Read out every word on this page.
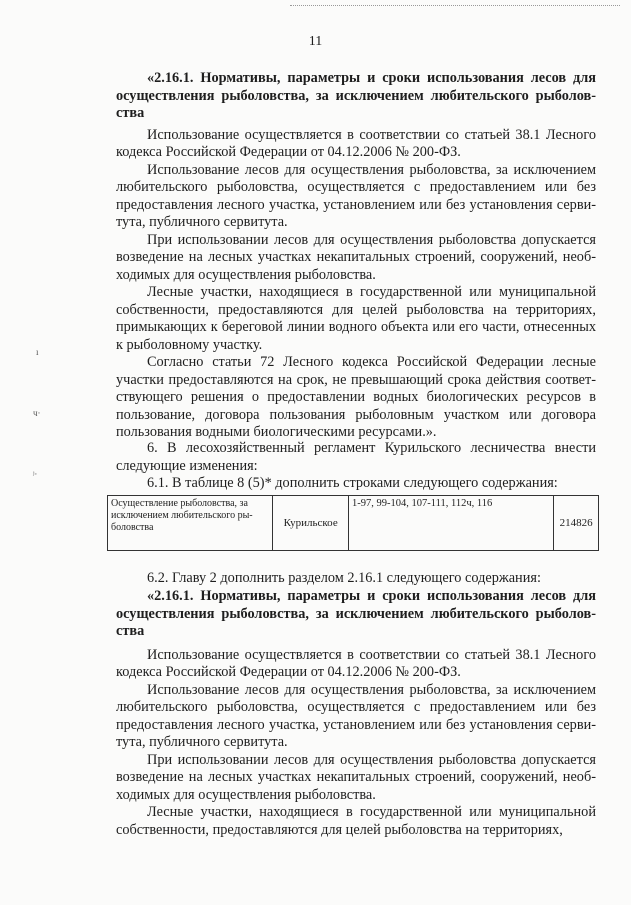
ı
ч·
ʲ·
11

«2.16.1. Нормативы, параметры и сроки использования лесов для осуществления рыболовства, за исключением любительского рыболовства

Использование осуществляется в соответствии со статьей 38.1 Лесного кодекса Российской Федерации от 04.12.2006 № 200-ФЗ.

Использование лесов для осуществления рыболовства, за исключением любительского рыболовства, осуществляется с предоставлением или без предоставления лесного участка, установлением или без установления сервитута, публичного сервитута.

При использовании лесов для осуществления рыболовства допускается возведение на лесных участках некапитальных строений, сооружений, необходимых для осуществления рыболовства.

Лесные участки, находящиеся в государственной или муниципальной собственности, предоставляются для целей рыболовства на территориях, примыкающих к береговой линии водного объекта или его части, отнесенных к рыболовному участку.

Согласно статьи 72 Лесного кодекса Российской Федерации лесные участки предоставляются на срок, не превышающий срока действия соответствующего решения о предоставлении водных биологических ресурсов в пользование, договора пользования рыболовным участком или договора пользования водными биологическими ресурсами.».

6. В лесохозяйственный регламент Курильского лесничества внести следующие изменения:

6.1. В таблице 8 (5)* дополнить строками следующего содержания:

Осуществление рыболовства, за исключением любительского рыболовства	Курильское
1-97, 99-104, 107-111, 112ч, 116
214826

6.2. Главу 2 дополнить разделом 2.16.1 следующего содержания:

«2.16.1. Нормативы, параметры и сроки использования лесов для осуществления рыболовства, за исключением любительского рыболовства

Использование осуществляется в соответствии со статьей 38.1 Лесного кодекса Российской Федерации от 04.12.2006 № 200-ФЗ.

Использование лесов для осуществления рыболовства, за исключением любительского рыболовства, осуществляется с предоставлением или без предоставления лесного участка, установлением или без установления сервитута, публичного сервитута.

При использовании лесов для осуществления рыболовства допускается возведение на лесных участках некапитальных строений, сооружений, необходимых для осуществления рыболовства.

Лесные участки, находящиеся в государственной или муниципальной собственности, предоставляются для целей рыболовства на территориях,
